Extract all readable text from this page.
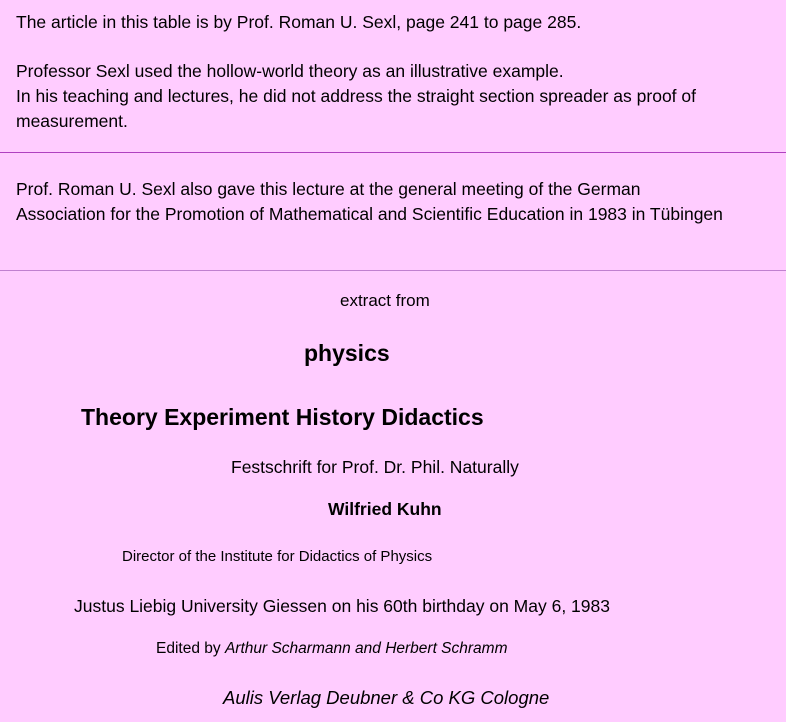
The article in this table is by Prof. Roman U. Sexl, page 241 to page 285.
Professor Sexl used the hollow-world theory as an illustrative example.
In his teaching and lectures, he did not address the straight section spreader as proof of
measurement.
Prof. Roman U. Sexl also gave this lecture at the general meeting of the German
Association for the Promotion of Mathematical and Scientific Education in 1983 in Tübingen
extract from
physics
Theory Experiment History Didactics
Festschrift for Prof. Dr. Phil. Naturally
Wilfried Kuhn
Director of the Institute for Didactics of Physics
Justus Liebig University Giessen on his 60th birthday on May 6, 1983
Edited by Arthur Scharmann and Herbert Schramm
Aulis Verlag Deubner & Co KG Cologne
